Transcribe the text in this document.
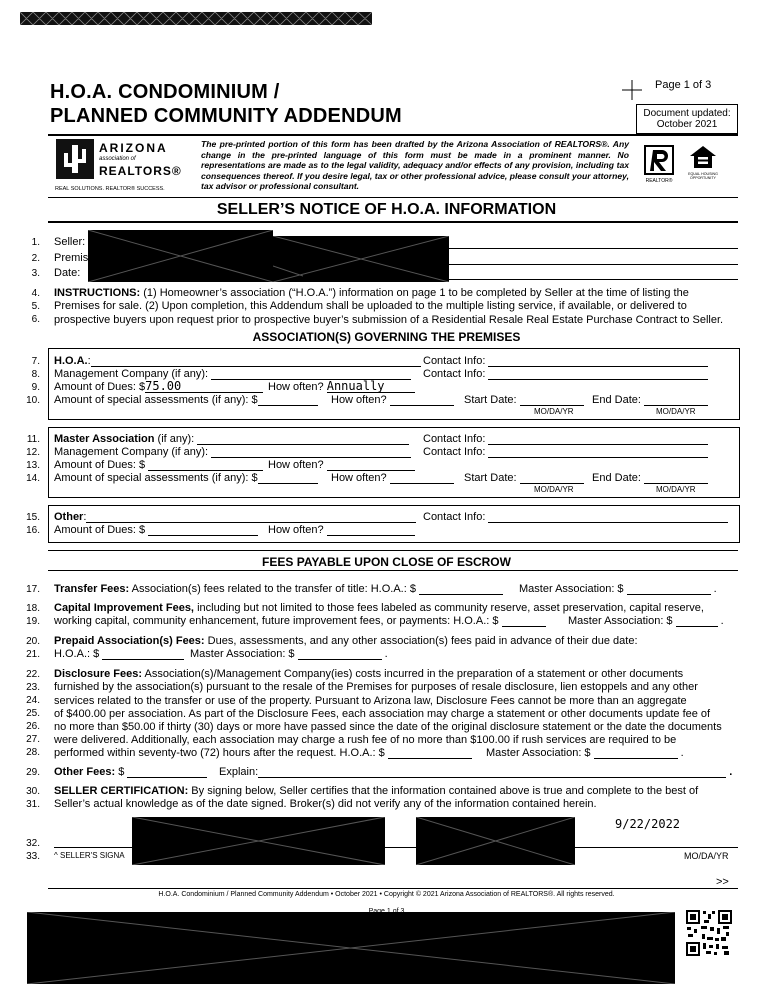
H.O.A. CONDOMINIUM /
PLANNED COMMUNITY ADDENDUM
Page 1 of 3
Document updated:
October 2021
ARIZONA
association of
REALTORS®
REAL SOLUTIONS. REALTOR® SUCCESS.
The pre-printed portion of this form has been drafted by the Arizona Association of REALTORS®. Any change in the pre-printed language of this form must be made in a prominent manner. No representations are made as to the legal validity, adequacy and/or effects of any provision, including tax consequences thereof. If you desire legal, tax or other professional advice, please consult your attorney, tax advisor or professional consultant.
REALTOR®
EQUAL HOUSING OPPORTUNITY
SELLER’S NOTICE OF H.O.A. INFORMATION
1.
2.
3.
4.
5.
6.
7.
8.
9.
10.
11.
12.
13.
14.
15.
16.
17.
18.
19.
20.
21.
22.
23.
24.
25.
26.
27.
28.
29.
30.
31.
32.
33.
Seller:
Premis
Date:
INSTRUCTIONS: (1) Homeowner’s association (“H.O.A.”) information on page 1 to be completed by Seller at the time of listing the
Premises for sale. (2) Upon completion, this Addendum shall be uploaded to the multiple listing service, if available, or delivered to
prospective buyers upon request prior to prospective buyer’s submission of a Residential Resale Real Estate Purchase Contract to Seller.
ASSOCIATION(S) GOVERNING THE PREMISES
H.O.A.:	Contact Info:
Management Company (if any):	Contact Info:
Amount of Dues: $75.00	How often? Annually
Amount of special assessments (if any): $	How often?	Start Date:	End Date:
MO/DA/YR	MO/DA/YR
Master Association (if any):	Contact Info:
Management Company (if any):	Contact Info:
Amount of Dues: $	How often?
Amount of special assessments (if any): $	How often?	Start Date:	End Date:
MO/DA/YR	MO/DA/YR
Other:	Contact Info:
Amount of Dues: $	How often?
FEES PAYABLE UPON CLOSE OF ESCROW
Transfer Fees: Association(s) fees related to the transfer of title: H.O.A.: $	Master Association: $	.
Capital Improvement Fees, including but not limited to those fees labeled as community reserve, asset preservation, capital reserve,
working capital, community enhancement, future improvement fees, or payments: H.O.A.: $	Master Association: $	.
Prepaid Association(s) Fees: Dues, assessments, and any other association(s) fees paid in advance of their due date:
H.O.A.: $	Master Association: $	.
Disclosure Fees: Association(s)/Management Company(ies) costs incurred in the preparation of a statement or other documents
furnished by the association(s) pursuant to the resale of the Premises for purposes of resale disclosure, lien estoppels and any other
services related to the transfer or use of the property. Pursuant to Arizona law, Disclosure Fees cannot be more than an aggregate
of $400.00 per association. As part of the Disclosure Fees, each association may charge a statement or other documents update fee of
no more than $50.00 if thirty (30) days or more have passed since the date of the original disclosure statement or the date the documents
were delivered. Additionally, each association may charge a rush fee of no more than $100.00 if rush services are required to be
performed within seventy-two (72) hours after the request. H.O.A.: $	Master Association: $	.
Other Fees: $	Explain:	.
SELLER CERTIFICATION: By signing below, Seller certifies that the information contained above is true and complete to the best of
Seller’s actual knowledge as of the date signed. Broker(s) did not verify any of the information contained herein.
9/22/2022
^ SELLER'S SIGNA	MO/DA/YR
>>
H.O.A. Condominium / Planned Community Addendum • October 2021 • Copyright © 2021 Arizona Association of REALTORS®. All rights reserved.
